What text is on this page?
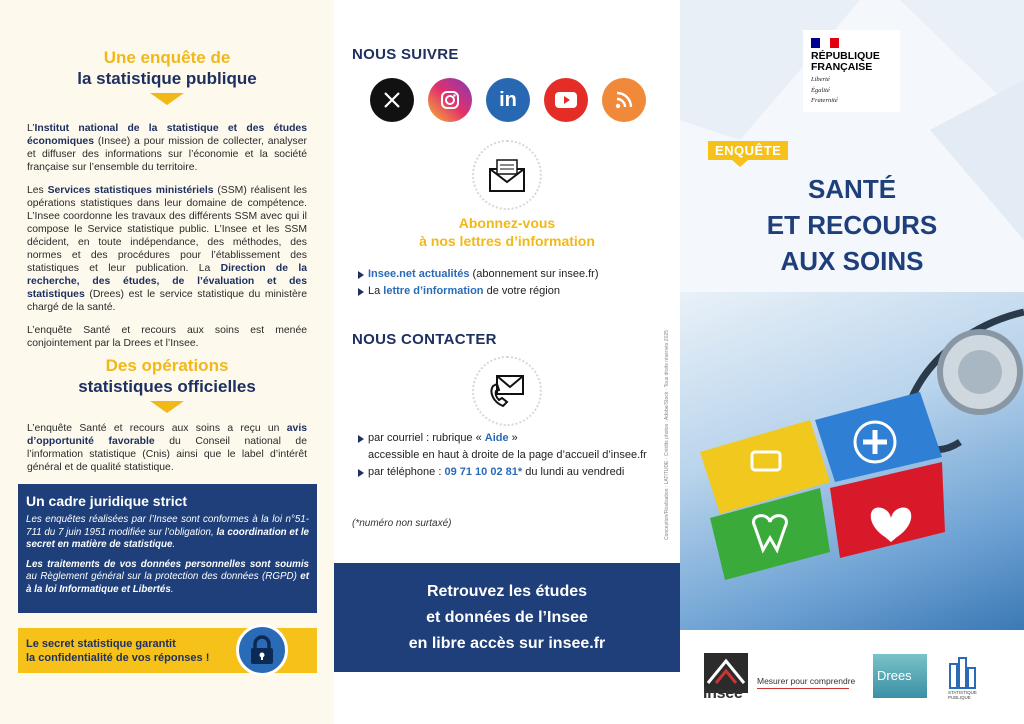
Une enquête de
la statistique publique

L’Institut national de la statistique et des études économiques (Insee) a pour mission de collecter, analyser et diffuser des informations sur l’économie et la société française sur l’ensemble du territoire.

Les Services statistiques ministériels (SSM) réalisent les opérations statistiques dans leur domaine de compétence. L’Insee coordonne les travaux des différents SSM avec qui il compose le Service statistique public. L’Insee et les SSM décident, en toute indépendance, des méthodes, des normes et des procédures pour l’établissement des statistiques et leur publication. La Direction de la recherche, des études, de l’évaluation et des statistiques (Drees) est le service statistique du ministère chargé de la santé.

L’enquête Santé et recours aux soins est menée conjointement par la Drees et l’Insee.

Des opérations
statistiques officielles

L’enquête Santé et recours aux soins a reçu un avis d’opportunité favorable du Conseil national de l’information statistique (Cnis) ainsi que le label d’intérêt général et de qualité statistique.

Un cadre juridique strict

Les enquêtes réalisées par l’Insee sont conformes à la loi n°51-711 du 7 juin 1951 modifiée sur l’obligation, la coordination et le secret en matière de statistique.

Les traitements de vos données personnelles sont soumis au Règlement général sur la protection des données (RGPD) et à la loi Informatique et Libertés.

Le secret statistique garantit
la confidentialité de vos réponses !
NOUS SUIVRE
in
Abonnez-vous
à nos lettres d’information
Insee.net actualités (abonnement sur insee.fr)
La lettre d’information de votre région
NOUS CONTACTER
par courriel : rubrique « Aide »
accessible en haut à droite de la page d’accueil d’insee.fr
par téléphone : 09 71 10 02 81* du lundi au vendredi
(*numéro non surtaxé)
Retrouvez les études
et données de l’Insee
en libre accès sur insee.fr
Conception/Réalisation : LATITUDE · Crédits photos : Adobe/Stock · Tous droits réservés 2025
RÉPUBLIQUE
FRANÇAISE
Liberté
Égalité
Fraternité
ENQUÊTE
SANTÉ
ET RECOURS
AUX SOINS
Insee
Mesurer pour comprendre	Drees
STATISTIQUE PUBLIQUE
